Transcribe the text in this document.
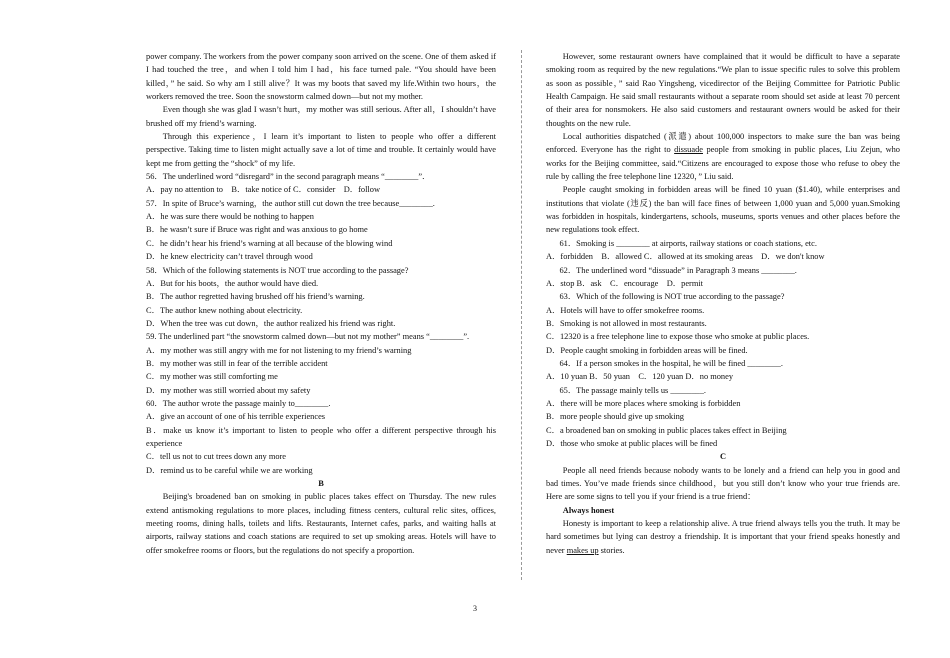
power company. The workers from the power company soon arrived on the scene. One of them asked if I had touched the tree，and when I told him I had，his face turned pale. “You should have been killed，” he said. So why am I still alive？It was my boots that saved my life.Within two hours，the workers removed the tree. Soon the snowstorm calmed down—but not my mother.

Even though she was glad I wasn’t hurt，my mother was still serious. After all，I shouldn’t have brushed off my friend’s warning.

Through this experience，I learn it’s important to listen to people who offer a different perspective. Taking time to listen might actually save a lot of time and trouble. It certainly would have kept me from getting the “shock” of my life.

56．The underlined word “disregard” in the second paragraph means “________”．

A．pay no attention to　B．take notice of C．consider　D．follow

57．In spite of Bruce’s warning，the author still cut down the tree because________.

A．he was sure there would be nothing to happen

B．he wasn’t sure if Bruce was right and was anxious to go home

C．he didn’t hear his friend’s warning at all because of the blowing wind

D．he knew electricity can’t travel through wood

58．Which of the following statements is NOT true according to the passage?

A．But for his boots，the author would have died.

B．The author regretted having brushed off his friend’s warning.

C．The author knew nothing about electricity.

D．When the tree was cut down，the author realized his friend was right.

59. The underlined part “the snowstorm calmed down—but not my mother” means “________”.

A．my mother was still angry with me for not listening to my friend’s warning

B．my mother was still in fear of the terrible accident

C．my mother was still comforting me

D．my mother was still worried about my safety

60．The author wrote the passage mainly to________.

A．give an account of one of his terrible experiences

B．make us know it’s important to listen to people who offer a different perspective through his experience

C．tell us not to cut trees down any more

D．remind us to be careful while we are working

B

Beijing's broadened ban on smoking in public places takes effect on Thursday. The new rules extend antismoking regulations to more places, including fitness centers, cultural relic sites, offices, meeting rooms, dining halls, toilets and lifts. Restaurants, Internet cafes, parks, and waiting halls at airports, railway stations and coach stations are required to set up smoking areas. Hotels will have to offer smokefree rooms or floors, but the regulations do not specify a proportion.

However, some restaurant owners have complained that it would be difficult to have a separate smoking room as required by the new regulations.“We plan to issue specific rules to solve this problem as soon as possible，” said Rao Yingsheng, vicedirector of the Beijing Committee for Patriotic Public Health Campaign. He said small restaurants without a separate room should set aside at least 70 percent of their area for nonsmokers. He also said customers and restaurant owners would be asked for their thoughts on the new rule.

Local authorities dispatched (派遣) about 100,000 inspectors to make sure the ban was being enforced. Everyone has the right to dissuade people from smoking in public places, Liu Zejun, who works for the Beijing committee, said.“Citizens are encouraged to expose those who refuse to obey the rule by calling the free telephone line 12320，” Liu said.

People caught smoking in forbidden areas will be fined 10 yuan ($1.40), while enterprises and institutions that violate (违反) the ban will face fines of between 1,000 yuan and 5,000 yuan.Smoking was forbidden in hospitals, kindergartens, schools, museums, sports venues and other places before the new regulations took effect.

61．Smoking is ________ at airports, railway stations or coach stations, etc.

A．forbidden　B．allowed C．allowed at its smoking areas　D．we don't know

62．The underlined word “dissuade” in Paragraph 3 means ________.

A．stop B．ask　C．encourage　D．permit

63．Which of the following is NOT true according to the passage?

A．Hotels will have to offer smokefree rooms.

B．Smoking is not allowed in most restaurants.

C．12320 is a free telephone line to expose those who smoke at public places.

D．People caught smoking in forbidden areas will be fined.

64．If a person smokes in the hospital, he will be fined ________.

A．10 yuan B．50 yuan　C．120 yuan D．no money

65．The passage mainly tells us ________.

A．there will be more places where smoking is forbidden

B．more people should give up smoking

C．a broadened ban on smoking in public places takes effect in Beijing

D．those who smoke at public places will be fined

C

People all need friends because nobody wants to be lonely and a friend can help you in good and bad times. You’ve made friends since childhood，but you still don’t know who your true friends are. Here are some signs to tell you if your friend is a true friend：

Always honest

Honesty is important to keep a relationship alive. A true friend always tells you the truth. It may be hard sometimes but lying can destroy a friendship. It is important that your friend speaks honestly and never makes up stories.

3
